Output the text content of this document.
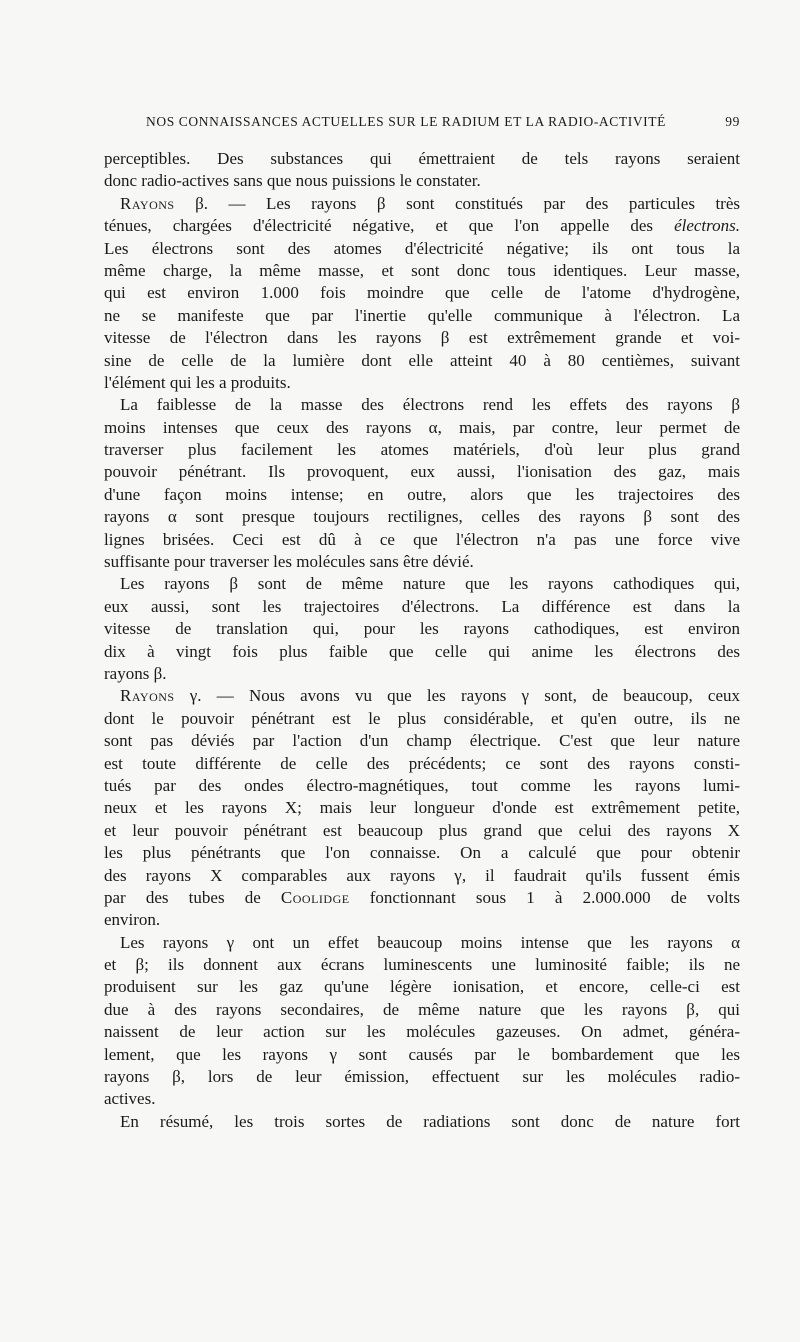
NOS CONNAISSANCES ACTUELLES SUR LE RADIUM ET LA RADIO-ACTIVITÉ	99
perceptibles. Des substances qui émettraient de tels rayons seraient
donc radio-actives sans que nous puissions le constater.
Rayons β. — Les rayons β sont constitués par des particules très
ténues, chargées d'électricité négative, et que l'on appelle des électrons.
Les électrons sont des atomes d'électricité négative; ils ont tous la
même charge, la même masse, et sont donc tous identiques. Leur masse,
qui est environ 1.000 fois moindre que celle de l'atome d'hydrogène,
ne se manifeste que par l'inertie qu'elle communique à l'électron. La
vitesse de l'électron dans les rayons β est extrêmement grande et voi-
sine de celle de la lumière dont elle atteint 40 à 80 centièmes, suivant
l'élément qui les a produits.
La faiblesse de la masse des électrons rend les effets des rayons β
moins intenses que ceux des rayons α, mais, par contre, leur permet de
traverser plus facilement les atomes matériels, d'où leur plus grand
pouvoir pénétrant. Ils provoquent, eux aussi, l'ionisation des gaz, mais
d'une façon moins intense; en outre, alors que les trajectoires des
rayons α sont presque toujours rectilignes, celles des rayons β sont des
lignes brisées. Ceci est dû à ce que l'électron n'a pas une force vive
suffisante pour traverser les molécules sans être dévié.
Les rayons β sont de même nature que les rayons cathodiques qui,
eux aussi, sont les trajectoires d'électrons. La différence est dans la
vitesse de translation qui, pour les rayons cathodiques, est environ
dix à vingt fois plus faible que celle qui anime les électrons des
rayons β.
Rayons γ. — Nous avons vu que les rayons γ sont, de beaucoup, ceux
dont le pouvoir pénétrant est le plus considérable, et qu'en outre, ils ne
sont pas déviés par l'action d'un champ électrique. C'est que leur nature
est toute différente de celle des précédents; ce sont des rayons consti-
tués par des ondes électro-magnétiques, tout comme les rayons lumi-
neux et les rayons X; mais leur longueur d'onde est extrêmement petite,
et leur pouvoir pénétrant est beaucoup plus grand que celui des rayons X
les plus pénétrants que l'on connaisse. On a calculé que pour obtenir
des rayons X comparables aux rayons γ, il faudrait qu'ils fussent émis
par des tubes de Coolidge fonctionnant sous 1 à 2.000.000 de volts
environ.
Les rayons γ ont un effet beaucoup moins intense que les rayons α
et β; ils donnent aux écrans luminescents une luminosité faible; ils ne
produisent sur les gaz qu'une légère ionisation, et encore, celle-ci est
due à des rayons secondaires, de même nature que les rayons β, qui
naissent de leur action sur les molécules gazeuses. On admet, généra-
lement, que les rayons γ sont causés par le bombardement que les
rayons β, lors de leur émission, effectuent sur les molécules radio-
actives.
En résumé, les trois sortes de radiations sont donc de nature fort
